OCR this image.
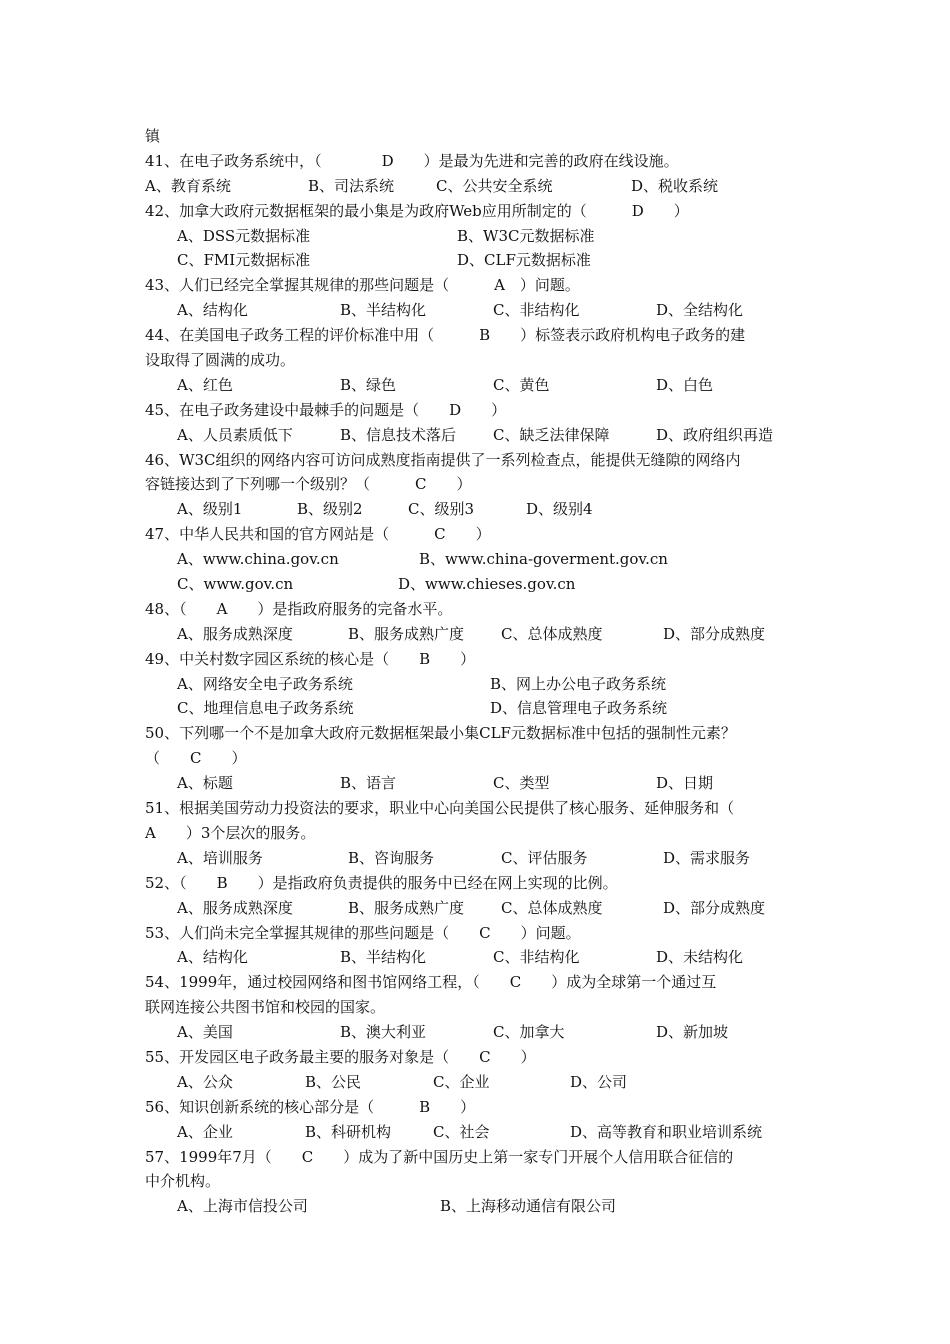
镇
41、在电子政务系统中，（　　　　D　　）是最为先进和完善的政府在线设施。
A、教育系统	B、司法系统	C、公共安全系统	D、税收系统
42、加拿大政府元数据框架的最小集是为政府Web应用所制定的（　　　D　　）
A、DSS元数据标准	B、W3C元数据标准
C、FMI元数据标准	D、CLF元数据标准
43、人们已经完全掌握其规律的那些问题是（　　　A　）问题。
A、结构化	B、半结构化	C、非结构化	D、全结构化
44、在美国电子政务工程的评价标准中用（　　　B　　）标签表示政府机构电子政务的建
设取得了圆满的成功。
A、红色	B、绿色	C、黄色	D、白色
45、在电子政务建设中最棘手的问题是（　　D　　）
A、人员素质低下	B、信息技术落后 C、缺乏法律保障	D、政府组织再造
46、W3C组织的网络内容可访问成熟度指南提供了一系列检查点，能提供无缝隙的网络内
容链接达到了下列哪一个级别？（　　　C　　）
A、级别1	B、级别2	C、级别3	D、级别4
47、中华人民共和国的官方网站是（　　　C　　）
A、www.china.gov.cn	B、www.china-goverment.gov.cn
C、www.gov.cn	D、www.chieses.gov.cn
48、（　　A　　）是指政府服务的完备水平。
A、服务成熟深度	B、服务成熟广度 C、总体成熟度	D、部分成熟度
49、中关村数字园区系统的核心是（　　B　　）
A、网络安全电子政务系统	B、网上办公电子政务系统
C、地理信息电子政务系统	D、信息管理电子政务系统
50、下列哪一个不是加拿大政府元数据框架最小集CLF元数据标准中包括的强制性元素？
（　　C　　）
A、标题	B、语言	C、类型	D、日期
51、根据美国劳动力投资法的要求，职业中心向美国公民提供了核心服务、延伸服务和（
A　　）3个层次的服务。
A、培训服务	B、咨询服务	C、评估服务	D、需求服务
52、（　　B　　）是指政府负责提供的服务中已经在网上实现的比例。
A、服务成熟深度	B、服务成熟广度 C、总体成熟度	D、部分成熟度
53、人们尚未完全掌握其规律的那些问题是（　　C　　）问题。
A、结构化	B、半结构化	C、非结构化	D、未结构化
54、1999年，通过校园网络和图书馆网络工程，（　　C　　）成为全球第一个通过互
联网连接公共图书馆和校园的国家。
A、美国	B、澳大利亚	C、加拿大	D、新加坡
55、开发园区电子政务最主要的服务对象是（　　C　　）
A、公众	B、公民	C、企业	D、公司
56、知识创新系统的核心部分是（　　　B　　）
A、企业	B、科研机构	C、社会	D、高等教育和职业培训系统
57、1999年7月（　　C　　）成为了新中国历史上第一家专门开展个人信用联合征信的
中介机构。
A、上海市信投公司	B、上海移动通信有限公司
